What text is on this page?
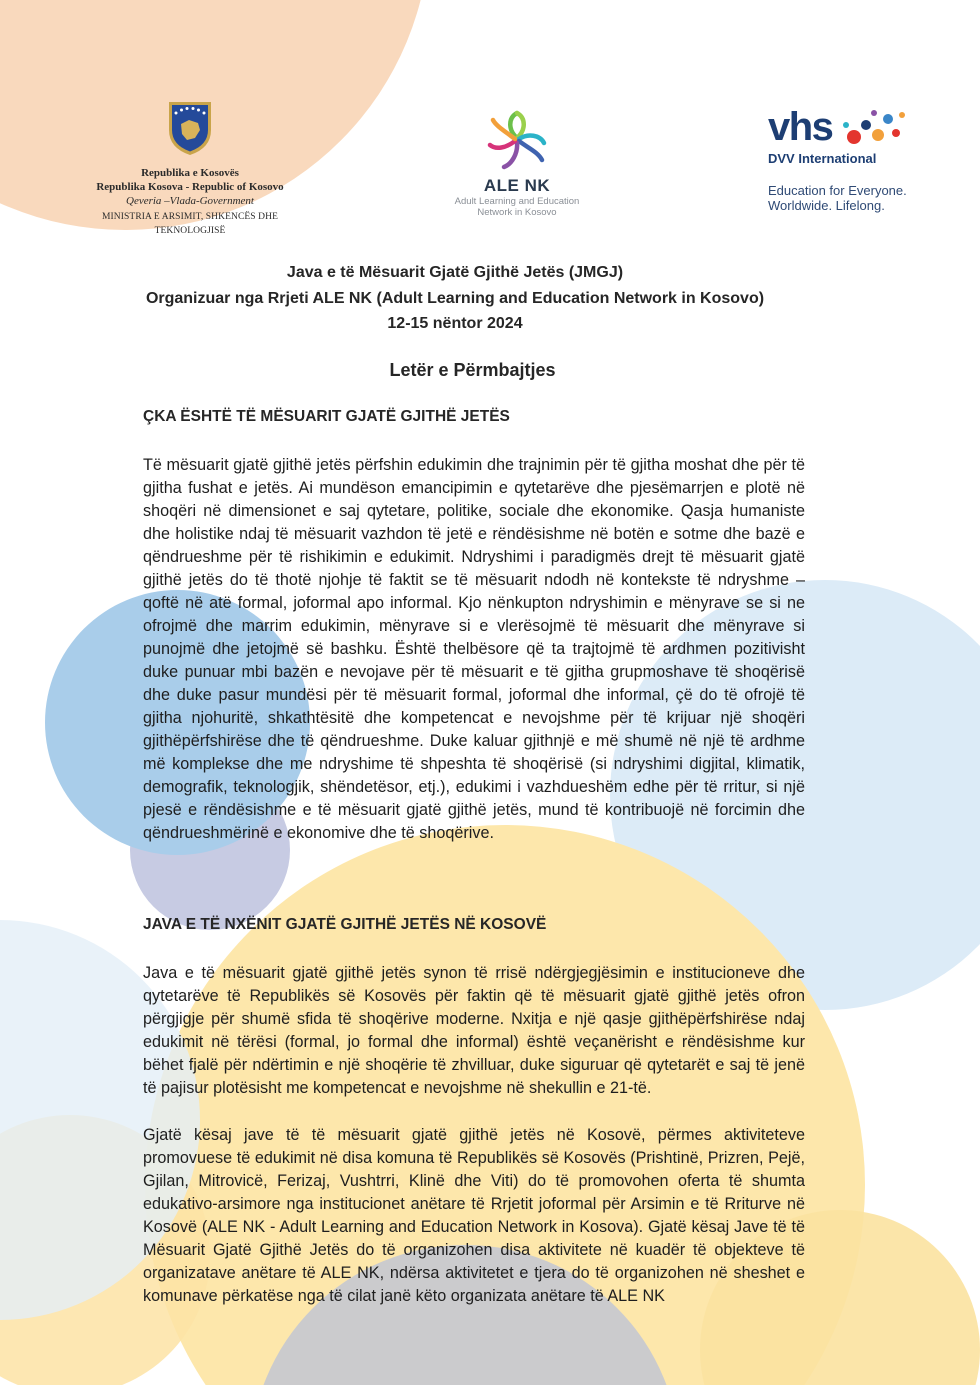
Republika e Kosovës
Republika Kosova - Republic of Kosovo
Qeveria –Vlada-Government
MINISTRIA E ARSIMIT, SHKENCËS DHE TEKNOLOGJISË
ALE NK
Adult Learning and Education
Network in Kosovo
vhs
DVV International
Education for Everyone.
Worldwide. Lifelong.
Java e të Mësuarit Gjatë Gjithë Jetës (JMGJ)
Organizuar nga Rrjeti ALE NK (Adult Learning and Education Network in Kosovo)
12-15 nëntor 2024
Letër e Përmbajtjes
ÇKA ËSHTË TË MËSUARIT GJATË GJITHË JETËS

Të mësuarit gjatë gjithë jetës përfshin edukimin dhe trajnimin për të gjitha moshat dhe për të gjitha fushat e jetës. Ai mundëson emancipimin e qytetarëve dhe pjesëmarrjen e plotë në shoqëri në dimensionet e saj qytetare, politike, sociale dhe ekonomike. Qasja humaniste dhe holistike ndaj të mësuarit vazhdon të jetë e rëndësishme në botën e sotme dhe bazë e qëndrueshme për të rishikimin e edukimit. Ndryshimi i paradigmës drejt të mësuarit gjatë gjithë jetës do të thotë njohje të faktit se të mësuarit ndodh në kontekste të ndryshme – qoftë në atë formal, joformal apo informal. Kjo nënkupton ndryshimin e mënyrave se si ne ofrojmë dhe marrim edukimin, mënyrave si e vlerësojmë të mësuarit dhe mënyrave si punojmë dhe jetojmë së bashku. Është thelbësore që ta trajtojmë të ardhmen pozitivisht duke punuar mbi bazën e nevojave për të mësuarit e të gjitha grupmoshave të shoqërisë dhe duke pasur mundësi për të mësuarit formal, joformal dhe informal, çë do të ofrojë të gjitha njohuritë, shkathtësitë dhe kompetencat e nevojshme për të krijuar një shoqëri gjithëpërfshirëse dhe të qëndrueshme. Duke kaluar gjithnjë e më shumë në një të ardhme më komplekse dhe me ndryshime të shpeshta të shoqërisë (si ndryshimi digjital, klimatik, demografik, teknologjik, shëndetësor, etj.), edukimi i vazhdueshëm edhe për të rritur, si një pjesë e rëndësishme e të mësuarit gjatë gjithë jetës, mund të kontribuojë në forcimin dhe qëndrueshmërinë e ekonomive dhe të shoqërive.

JAVA E TË NXËNIT GJATË GJITHË JETËS NË KOSOVË

Java e të mësuarit gjatë gjithë jetës synon të rrisë ndërgjegjësimin e institucioneve dhe qytetarëve të Republikës së Kosovës për faktin që të mësuarit gjatë gjithë jetës ofron përgjigje për shumë sfida të shoqërive moderne. Nxitja e një qasje gjithëpërfshirëse ndaj edukimit në tërësi (formal, jo formal dhe informal) është veçanërisht e rëndësishme kur bëhet fjalë për ndërtimin e një shoqërie të zhvilluar, duke siguruar që qytetarët e saj të jenë të pajisur plotësisht me kompetencat e nevojshme në shekullin e 21-të.

Gjatë kësaj jave të të mësuarit gjatë gjithë jetës në Kosovë, përmes aktiviteteve promovuese të edukimit në disa komuna të Republikës së Kosovës (Prishtinë, Prizren, Pejë, Gjilan, Mitrovicë, Ferizaj, Vushtrri, Klinë dhe Viti) do të promovohen oferta të shumta edukativo-arsimore nga institucionet anëtare të Rrjetit joformal për Arsimin e të Rriturve në Kosovë (ALE NK - Adult Learning and Education Network in Kosova). Gjatë kësaj Jave të të Mësuarit Gjatë Gjithë Jetës do të organizohen disa aktivitete në kuadër të objekteve të organizatave anëtare të ALE NK, ndërsa aktivitetet e tjera do të organizohen në sheshet e komunave përkatëse nga të cilat janë këto organizata anëtare të ALE NK
